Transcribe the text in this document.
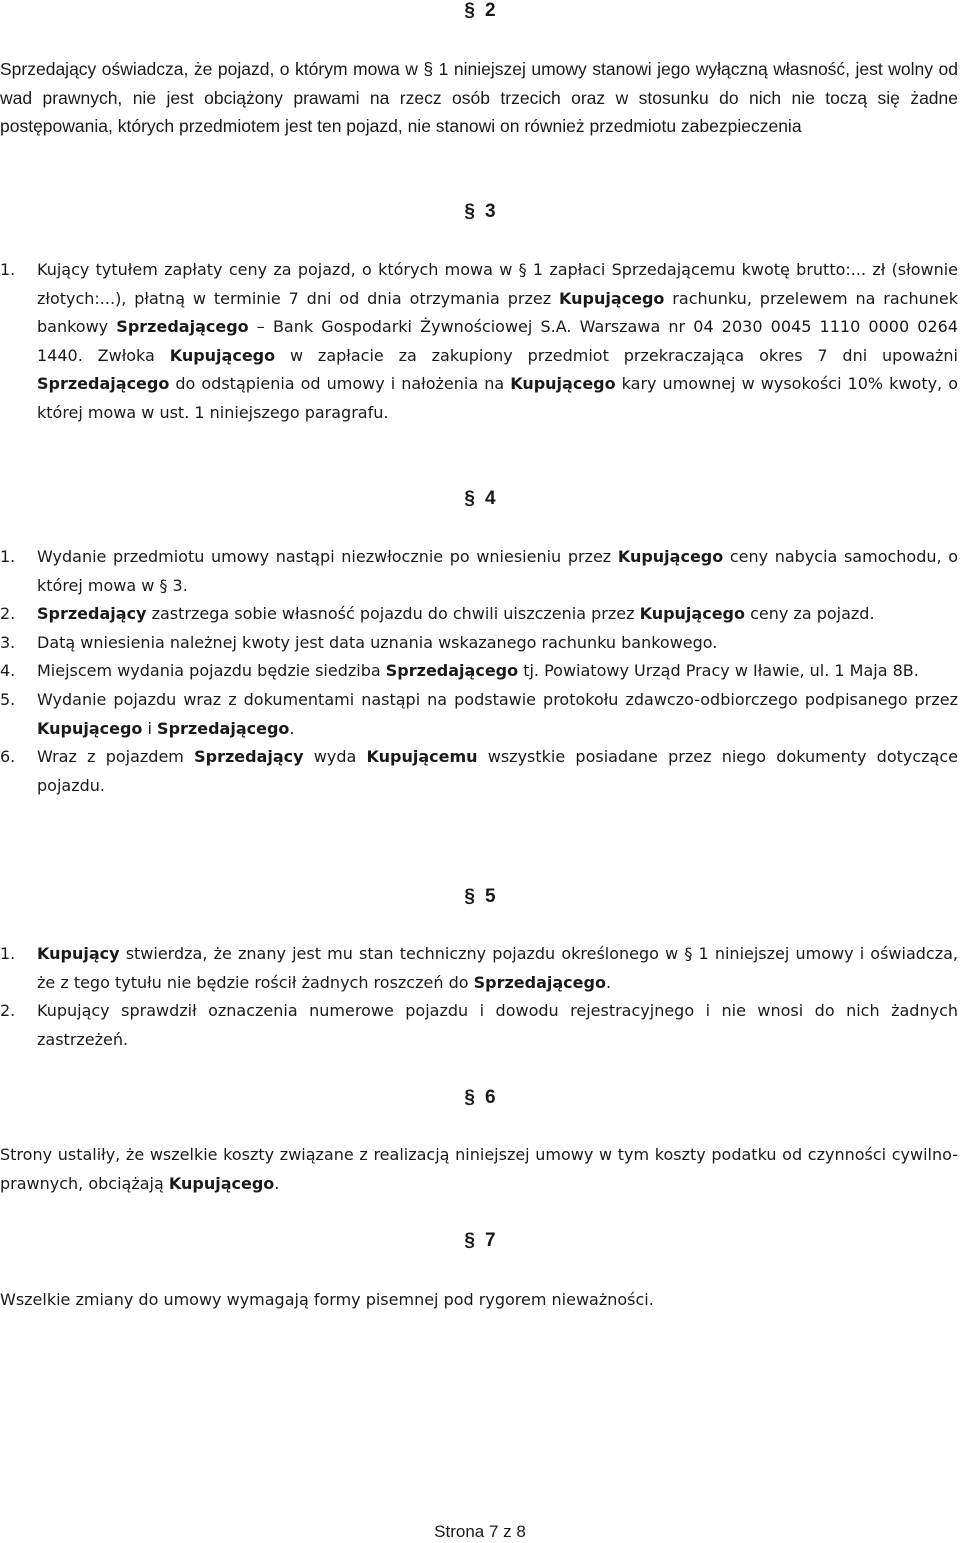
§ 2
Sprzedający oświadcza, że pojazd, o którym mowa w § 1 niniejszej umowy stanowi jego wyłączną własność, jest wolny od wad prawnych, nie jest obciążony prawami na rzecz osób trzecich oraz w stosunku do nich nie toczą się żadne postępowania, których przedmiotem jest ten pojazd, nie stanowi on również przedmiotu zabezpieczenia
§ 3
1. Kujący tytułem zapłaty ceny za pojazd, o których mowa w § 1 zapłaci Sprzedającemu kwotę brutto:... zł (słownie złotych:...), płatną w terminie 7 dni od dnia otrzymania przez Kupującego rachunku, przelewem na rachunek bankowy Sprzedającego – Bank Gospodarki Żywnościowej S.A. Warszawa nr 04 2030 0045 1110 0000 0264 1440. Zwłoka Kupującego w zapłacie za zakupiony przedmiot przekraczająca okres 7 dni upoważni Sprzedającego do odstąpienia od umowy i nałożenia na Kupującego kary umownej w wysokości 10% kwoty, o której mowa w ust. 1 niniejszego paragrafu.
§ 4
1. Wydanie przedmiotu umowy nastąpi niezwłocznie po wniesieniu przez Kupującego ceny nabycia samochodu, o której mowa w § 3.
2. Sprzedający zastrzega sobie własność pojazdu do chwili uiszczenia przez Kupującego ceny za pojazd.
3. Datą wniesienia należnej kwoty jest data uznania wskazanego rachunku bankowego.
4. Miejscem wydania pojazdu będzie siedziba Sprzedającego tj. Powiatowy Urząd Pracy w Iławie, ul. 1 Maja 8B.
5. Wydanie pojazdu wraz z dokumentami nastąpi na podstawie protokołu zdawczo-odbiorczego podpisanego przez Kupującego i Sprzedającego.
6. Wraz z pojazdem Sprzedający wyda Kupującemu wszystkie posiadane przez niego dokumenty dotyczące pojazdu.
§ 5
1. Kupujący stwierdza, że znany jest mu stan techniczny pojazdu określonego w § 1 niniejszej umowy i oświadcza, że z tego tytułu nie będzie rościł żadnych roszczeń do Sprzedającego.
2. Kupujący sprawdził oznaczenia numerowe pojazdu i dowodu rejestracyjnego i nie wnosi do nich żadnych zastrzeżeń.
§ 6
Strony ustaliły, że wszelkie koszty związane z realizacją niniejszej umowy w tym koszty podatku od czynności cywilno-prawnych, obciążają Kupującego.
§ 7
Wszelkie zmiany do umowy wymagają formy pisemnej pod rygorem nieważności.
Strona 7 z 8
